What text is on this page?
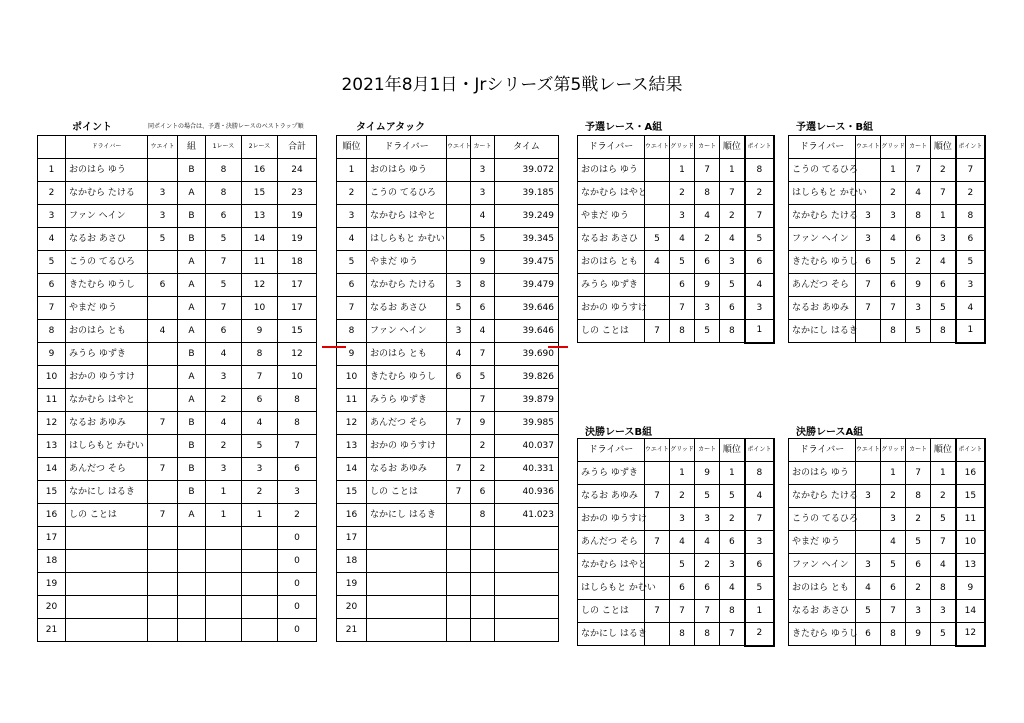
2021年8月1日・Jrシリーズ第5戦レース結果
ポイント	同ポイントの場合は、予選・決勝レースのベストラップ順	タイムアタック	予選レース・A組	予選レース・B組
決勝レースB組	決勝レースA組
	ドライバー	ウエイト	組	1レース	2レース	合計
1	おのはら ゆう		B	8	16	24
2	なかむら たける	3	A	8	15	23
3	ファン ヘイン	3	B	6	13	19
4	なるお あさひ	5	B	5	14	19
5	こうの てるひろ		A	7	11	18
6	きたむら ゆうし	6	A	5	12	17
7	やまだ ゆう		A	7	10	17
8	おのはら とも	4	A	6	9	15
9	みうら ゆずき		B	4	8	12
10	おかの ゆうすけ		A	3	7	10
11	なかむら はやと		A	2	6	8
12	なるお あゆみ	7	B	4	4	8
13	はしらもと かむい		B	2	5	7
14	あんだつ そら	7	B	3	3	6
15	なかにし はるき		B	1	2	3
16	しの ことは	7	A	1	1	2
17						0
18						0
19						0
20						0
21						0
順位	ドライバー	ウエイト	カート	タイム
1	おのはら ゆう		3	39.072
2	こうの てるひろ		3	39.185
3	なかむら はやと		4	39.249
4	はしらもと かむい		5	39.345
5	やまだ ゆう		9	39.475
6	なかむら たける	3	8	39.479
7	なるお あさひ	5	6	39.646
8	ファン ヘイン	3	4	39.646
9	おのはら とも	4	7	39.690
10	きたむら ゆうし	6	5	39.826
11	みうら ゆずき		7	39.879
12	あんだつ そら	7	9	39.985
13	おかの ゆうすけ		2	40.037
14	なるお あゆみ	7	2	40.331
15	しの ことは	7	6	40.936
16	なかにし はるき		8	41.023
17				
18				
19				
20				
21				
ドライバー	ウエイト	グリッド	カート	順位	ポイント
おのはら ゆう		1	7	1	8
なかむら はやと		2	8	7	2
やまだ ゆう		3	4	2	7
なるお あさひ	5	4	2	4	5
おのはら とも	4	5	6	3	6
みうら ゆずき		6	9	5	4
おかの ゆうすけ		7	3	6	3
しの ことは	7	8	5	8	1
ドライバー	ウエイト	グリッド	カート	順位	ポイント
こうの てるひろ		1	7	2	7
はしらもと かむい		2	4	7	2
なかむら たける	3	3	8	1	8
ファン ヘイン	3	4	6	3	6
きたむら ゆうし	6	5	2	4	5
あんだつ そら	7	6	9	6	3
なるお あゆみ	7	7	3	5	4
なかにし はるき		8	5	8	1
ドライバー	ウエイト	グリッド	カート	順位	ポイント
みうら ゆずき		1	9	1	8
なるお あゆみ	7	2	5	5	4
おかの ゆうすけ		3	3	2	7
あんだつ そら	7	4	4	6	3
なかむら はやと		5	2	3	6
はしらもと かむい		6	6	4	5
しの ことは	7	7	7	8	1
なかにし はるき		8	8	7	2
ドライバー	ウエイト	グリッド	カート	順位	ポイント
おのはら ゆう		1	7	1	16
なかむら たける	3	2	8	2	15
こうの てるひろ		3	2	5	11
やまだ ゆう		4	5	7	10
ファン ヘイン	3	5	6	4	13
おのはら とも	4	6	2	8	9
なるお あさひ	5	7	3	3	14
きたむら ゆうし	6	8	9	5	12
